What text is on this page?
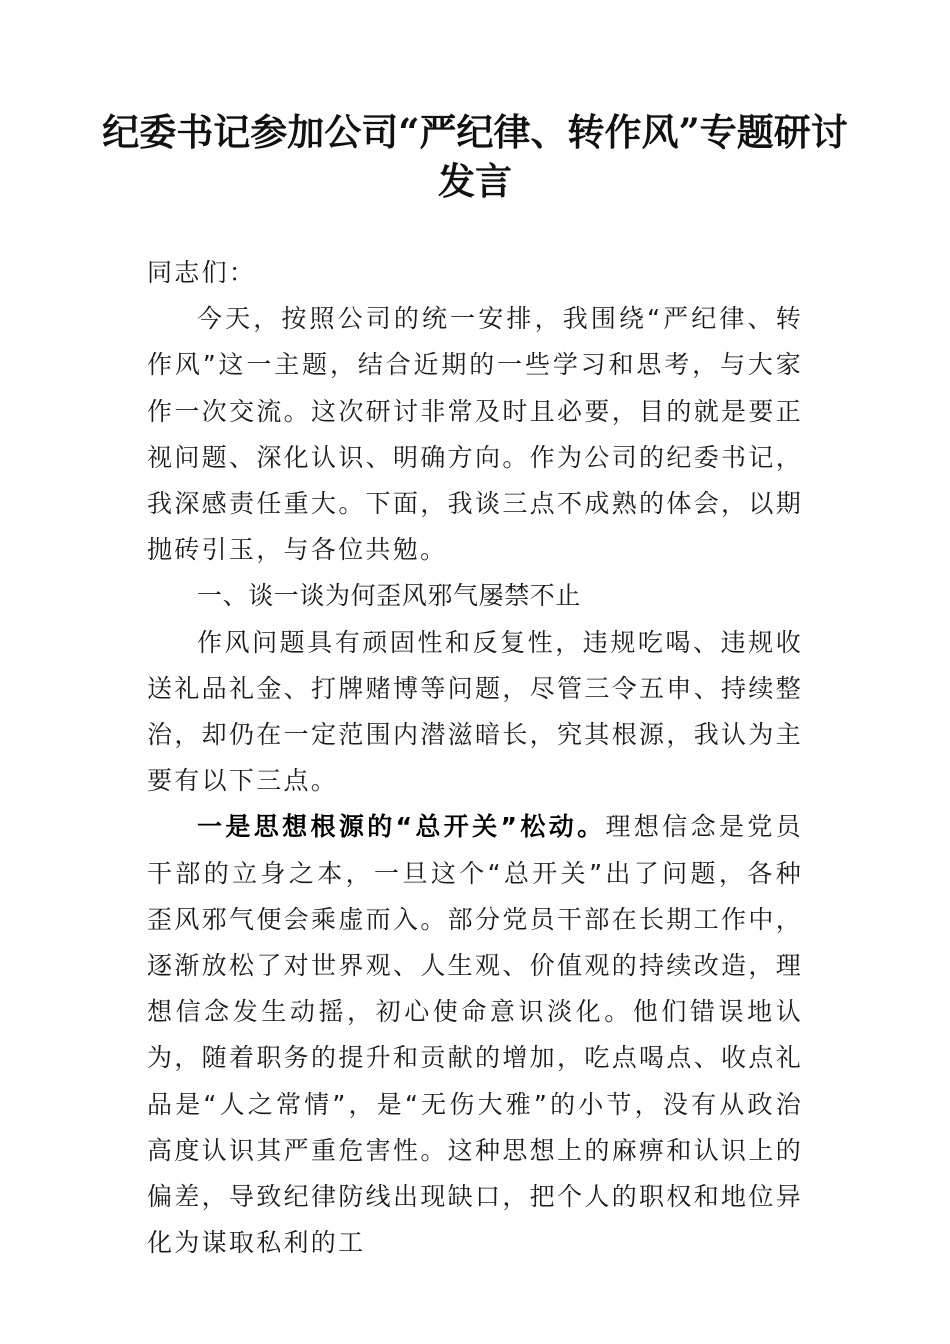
纪委书记参加公司“严纪律、转作风”专题研讨发言

同志们：

今天，按照公司的统一安排，我围绕“严纪律、转作风”这一主题，结合近期的一些学习和思考，与大家作一次交流。这次研讨非常及时且必要，目的就是要正视问题、深化认识、明确方向。作为公司的纪委书记，我深感责任重大。下面，我谈三点不成熟的体会，以期抛砖引玉，与各位共勉。

一、谈一谈为何歪风邪气屡禁不止

作风问题具有顽固性和反复性，违规吃喝、违规收送礼品礼金、打牌赌博等问题，尽管三令五申、持续整治，却仍在一定范围内潜滋暗长，究其根源，我认为主要有以下三点。

一是思想根源的“总开关”松动。理想信念是党员干部的立身之本，一旦这个“总开关”出了问题，各种歪风邪气便会乘虚而入。部分党员干部在长期工作中，逐渐放松了对世界观、人生观、价值观的持续改造，理想信念发生动摇，初心使命意识淡化。他们错误地认为，随着职务的提升和贡献的增加，吃点喝点、收点礼品是“人之常情”，是“无伤大雅”的小节，没有从政治高度认识其严重危害性。这种思想上的麻痹和认识上的偏差，导致纪律防线出现缺口，把个人的职权和地位异化为谋取私利的工
